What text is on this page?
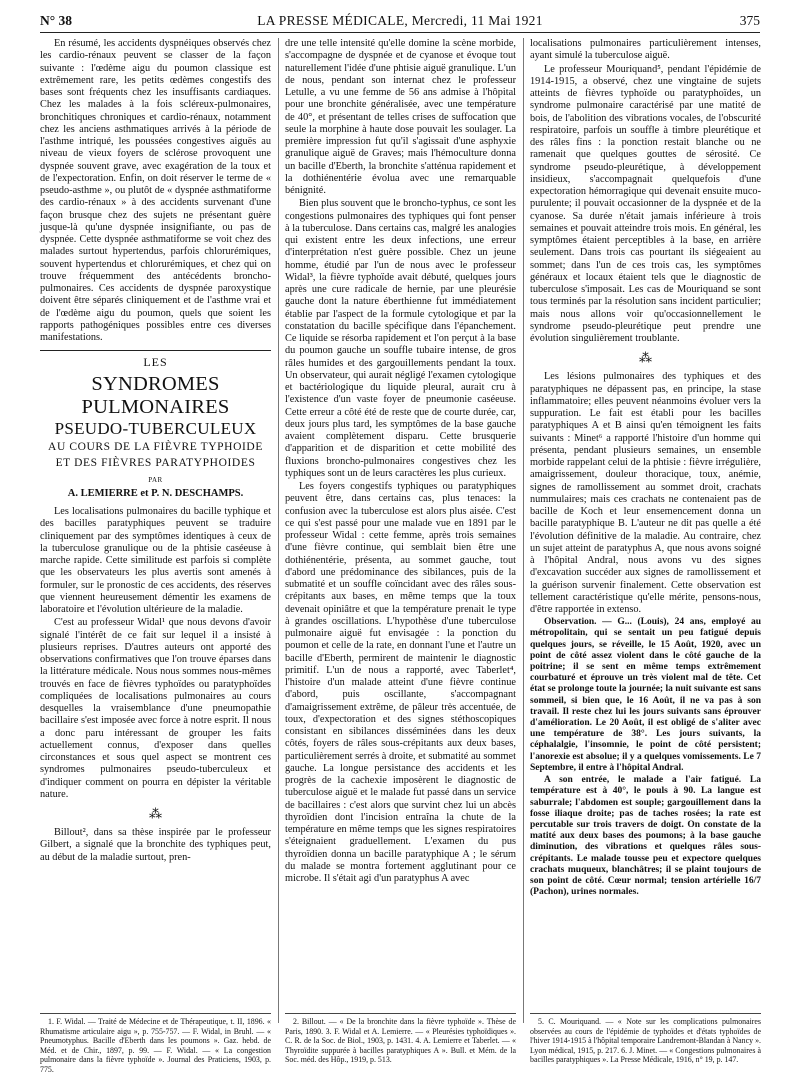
N° 38	LA PRESSE MÉDICALE, Mercredi, 11 Mai 1921	375

En résumé, les accidents dyspnéiques observés chez les cardio-rénaux peuvent se classer de la façon suivante : l'œdème aigu du poumon classique est extrêmement rare, les petits œdèmes congestifs des bases sont fréquents chez les insuffisants cardiaques. Chez les malades à la fois scléreux-pulmonaires, bronchitiques chroniques et cardio-rénaux, notamment chez les anciens asthmatiques arrivés à la période de l'asthme intriqué, les poussées congestives aiguës au niveau de vieux foyers de sclérose provoquent une dyspnée souvent grave, avec exagération de la toux et de l'expectoration. Enfin, on doit réserver le terme de « pseudo-asthme », ou plutôt de « dyspnée asthmatiforme des cardio-rénaux » à des accidents survenant d'une façon brusque chez des sujets ne présentant guère jusque-là qu'une dyspnée insignifiante, ou pas de dyspnée. Cette dyspnée asthmatiforme se voit chez des malades surtout hypertendus, parfois chlorurémiques, souvent hypertendus et chlorurémiques, et chez qui on trouve fréquemment des antécédents broncho-pulmonaires. Ces accidents de dyspnée paroxystique doivent être séparés cliniquement et de l'asthme vrai et de l'œdème aigu du poumon, quels que soient les rapports pathogéniques possibles entre ces diverses manifestations.

LES
SYNDROMES PULMONAIRES
PSEUDO-TUBERCULEUX
AU COURS DE LA FIÈVRE TYPHOIDE
ET DES FIÈVRES PARATYPHOIDES
PAR
A. LEMIERRE et P. N. DESCHAMPS.

Les localisations pulmonaires du bacille typhique et des bacilles paratyphiques peuvent se traduire cliniquement par des symptômes identiques à ceux de la tuberculose granulique ou de la phtisie caséeuse à marche rapide. Cette similitude est parfois si complète que les observateurs les plus avertis sont amenés à formuler, sur le pronostic de ces accidents, des réserves que viennent heureusement démentir les examens de laboratoire et l'évolution ultérieure de la maladie.

C'est au professeur Widal¹ que nous devons d'avoir signalé l'intérêt de ce fait sur lequel il a insisté à plusieurs reprises. D'autres auteurs ont apporté des observations confirmatives que l'on trouve éparses dans la littérature médicale. Nous nous sommes nous-mêmes trouvés en face de fièvres typhoïdes ou paratyphoïdes compliquées de localisations pulmonaires au cours desquelles la vraisemblance d'une pneumopathie bacillaire s'est imposée avec force à notre esprit. Il nous a donc paru intéressant de grouper les faits actuellement connus, d'exposer dans quelles circonstances et sous quel aspect se montrent ces syndromes pulmonaires pseudo-tuberculeux et d'indiquer comment on pourra en dépister la véritable nature.

⁂

Billout², dans sa thèse inspirée par le professeur Gilbert, a signalé que la bronchite des typhiques peut, au début de la maladie surtout, pren-

dre une telle intensité qu'elle domine la scène morbide, s'accompagne de dyspnée et de cyanose et évoque tout naturellement l'idée d'une phtisie aiguë granulique. L'un de nous, pendant son internat chez le professeur Letulle, a vu une femme de 56 ans admise à l'hôpital pour une bronchite généralisée, avec une température de 40°, et présentant de telles crises de suffocation que seule la morphine à haute dose pouvait les soulager. La première impression fut qu'il s'agissait d'une asphyxie granulique aiguë de Graves; mais l'hémoculture donna un bacille d'Eberth, la bronchite s'atténua rapidement et la dothiénentérie évolua avec une remarquable bénignité.

Bien plus souvent que le broncho-typhus, ce sont les congestions pulmonaires des typhiques qui font penser à la tuberculose. Dans certains cas, malgré les analogies qui existent entre les deux infections, une erreur d'interprétation n'est guère possible. Chez un jeune homme, étudié par l'un de nous avec le professeur Widal³, la fièvre typhoïde avait débuté, quelques jours après une cure radicale de hernie, par une pleurésie gauche dont la nature éberthienne fut immédiatement établie par l'aspect de la formule cytologique et par la constatation du bacille spécifique dans l'épanchement. Ce liquide se résorba rapidement et l'on perçut à la base du poumon gauche un souffle tubaire intense, de gros râles humides et des gargouillements pendant la toux. Un observateur, qui aurait négligé l'examen cytologique et bactériologique du liquide pleural, aurait cru à l'existence d'un vaste foyer de pneumonie caséeuse. Cette erreur a côté été de reste que de courte durée, car, deux jours plus tard, les symptômes de la base gauche avaient complètement disparu. Cette brusquerie d'apparition et de disparition et cette mobilité des fluxions broncho-pulmonaires congestives chez les typhiques sont un de leurs caractères les plus curieux.

Les foyers congestifs typhiques ou paratyphiques peuvent être, dans certains cas, plus tenaces: la confusion avec la tuberculose est alors plus aisée. C'est ce qui s'est passé pour une malade vue en 1891 par le professeur Widal : cette femme, après trois semaines d'une fièvre continue, qui semblait bien être une dothiénentérie, présenta, au sommet gauche, tout d'abord une prédominance des sibilances, puis de la submatité et un souffle coïncidant avec des râles sous-crépitants aux bases, en même temps que la toux devenait opiniâtre et que la température prenait le type à grandes oscillations. L'hypothèse d'une tuberculose pulmonaire aiguë fut envisagée : la ponction du poumon et celle de la rate, en donnant l'une et l'autre un bacille d'Eberth, permirent de maintenir le diagnostic primitif. L'un de nous a rapporté, avec Taberlet⁴, l'histoire d'un malade atteint d'une fièvre continue d'abord, puis oscillante, s'accompagnant d'amaigrissement extrême, de pâleur très accentuée, de toux, d'expectoration et des signes stéthoscopiques consistant en sibilances disséminées dans les deux côtés, foyers de râles sous-crépitants aux deux bases, particulièrement serrés à droite, et submatité au sommet gauche. La longue persistance des accidents et les progrès de la cachexie imposèrent le diagnostic de tuberculose aiguë et le malade fut passé dans un service de bacillaires : c'est alors que survint chez lui un abcès thyroïdien dont l'incision entraîna la chute de la température en même temps que les signes respiratoires s'éteignaient graduellement. L'examen du pus thyroïdien donna un bacille paratyphique A ; le sérum du malade se montra fortement agglutinant pour ce microbe. Il s'était agi d'un paratyphus A avec

localisations pulmonaires particulièrement intenses, ayant simulé la tuberculose aiguë.

Le professeur Mouriquand⁵, pendant l'épidémie de 1914-1915, a observé, chez une vingtaine de sujets atteints de fièvres typhoïde ou paratyphoïdes, un syndrome pulmonaire caractérisé par une matité de bois, de l'abolition des vibrations vocales, de l'obscurité respiratoire, parfois un souffle à timbre pleurétique et des râles fins : la ponction restait blanche ou ne ramenait que quelques gouttes de sérosité. Ce syndrome pseudo-pleurétique, à développement insidieux, s'accompagnait quelquefois d'une expectoration hémorragique qui devenait ensuite muco-purulente; il pouvait occasionner de la dyspnée et de la cyanose. Sa durée n'était jamais inférieure à trois semaines et pouvait atteindre trois mois. En général, les symptômes étaient perceptibles à la base, en arrière seulement. Dans trois cas pourtant ils siégeaient au sommet; dans l'un de ces trois cas, les symptômes généraux et locaux étaient tels que le diagnostic de tuberculose s'imposait. Les cas de Mouriquand se sont tous terminés par la résolution sans incident particulier; mais nous allons voir qu'occasionnellement le syndrome pseudo-pleurétique peut prendre une évolution singulièrement troublante.

⁂

Les lésions pulmonaires des typhiques et des paratyphiques ne dépassent pas, en principe, la stase inflammatoire; elles peuvent néanmoins évoluer vers la suppuration. Le fait est établi pour les bacilles paratyphiques A et B ainsi qu'en témoignent les faits suivants : Minet⁶ a rapporté l'histoire d'un homme qui présenta, pendant plusieurs semaines, un ensemble morbide rappelant celui de la phtisie : fièvre irrégulière, amaigrissement, douleur thoracique, toux, anémie, signes de ramollissement au sommet droit, crachats nummulaires; mais ces crachats ne contenaient pas de bacille de Koch et leur ensemencement donna un bacille paratyphique B. L'auteur ne dit pas quelle a été l'évolution définitive de la maladie. Au contraire, chez un sujet atteint de paratyphus A, que nous avons soigné à l'hôpital Andral, nous avons vu des signes d'excavation succéder aux signes de ramollissement et la guérison survenir finalement. Cette observation est tellement caractéristique qu'elle mérite, pensons-nous, d'être rapportée in extenso.

Observation. — G... (Louis), 24 ans, employé au métropolitain, qui se sentait un peu fatigué depuis quelques jours, se réveille, le 15 Août, 1920, avec un point de côté assez violent dans le côté gauche de la poitrine; il se sent en même temps extrêmement courbaturé et éprouve un très violent mal de tête. Cet état se prolonge toute la journée; la nuit suivante est sans sommeil, si bien que, le 16 Août, il ne va pas à son travail. Il reste chez lui les jours suivants sans éprouver d'amélioration. Le 20 Août, il est obligé de s'aliter avec une température de 38°. Les jours suivants, la céphalalgie, l'insomnie, le point de côté persistent; l'anorexie est absolue; il y a quelques vomissements. Le 7 Septembre, il entre à l'hôpital Andral.

A son entrée, le malade a l'air fatigué. La température est à 40°, le pouls à 90. La langue est saburrale; l'abdomen est souple; gargouillement dans la fosse iliaque droite; pas de taches rosées; la rate est percutable sur trois travers de doigt. On constate de la matité aux deux bases des poumons; à la base gauche diminution, des vibrations et quelques râles sous-crépitants. Le malade tousse peu et expectore quelques crachats muqueux, blanchâtres; il se plaint toujours de son point de côté. Cœur normal; tension artérielle 16/7 (Pachon), urines normales.

1. F. Widal. — Traité de Médecine et de Thérapeutique, t. II, 1896. « Rhumatisme articulaire aigu », p. 755-757. — F. Widal, in Bruhl. — « Pneumotyphus. Bacille d'Eberth dans les poumons ». Gaz. hebd. de Méd. et de Chir., 1897, p. 99. — F. Widal. — « La congestion pulmonaire dans la fièvre typhoïde ». Journal des Praticiens, 1903, p. 775.

2. Billout. — « De la bronchite dans la fièvre typhoïde ». Thèse de Paris, 1890. 3. F. Widal et A. Lemierre. — « Pleurésies typhoïdiques ». C. R. de la Soc. de Biol., 1903, p. 1431. 4. A. Lemierre et Taberlet. — « Thyroïdite suppurée à bacilles paratyphiques A ». Bull. et Mém. de la Soc. méd. des Hôp., 1919, p. 513.

5. C. Mouriquand. — « Note sur les complications pulmonaires observées au cours de l'épidémie de typhoïdes et d'états typhoïdes de l'hiver 1914-1915 à l'hôpital temporaire Landremont-Blandan à Nancy ». Lyon médical, 1915, p. 217. 6. J. Minet. — « Congestions pulmonaires à bacilles paratyphiques ». La Presse Médicale, 1916, n° 19, p. 147.
